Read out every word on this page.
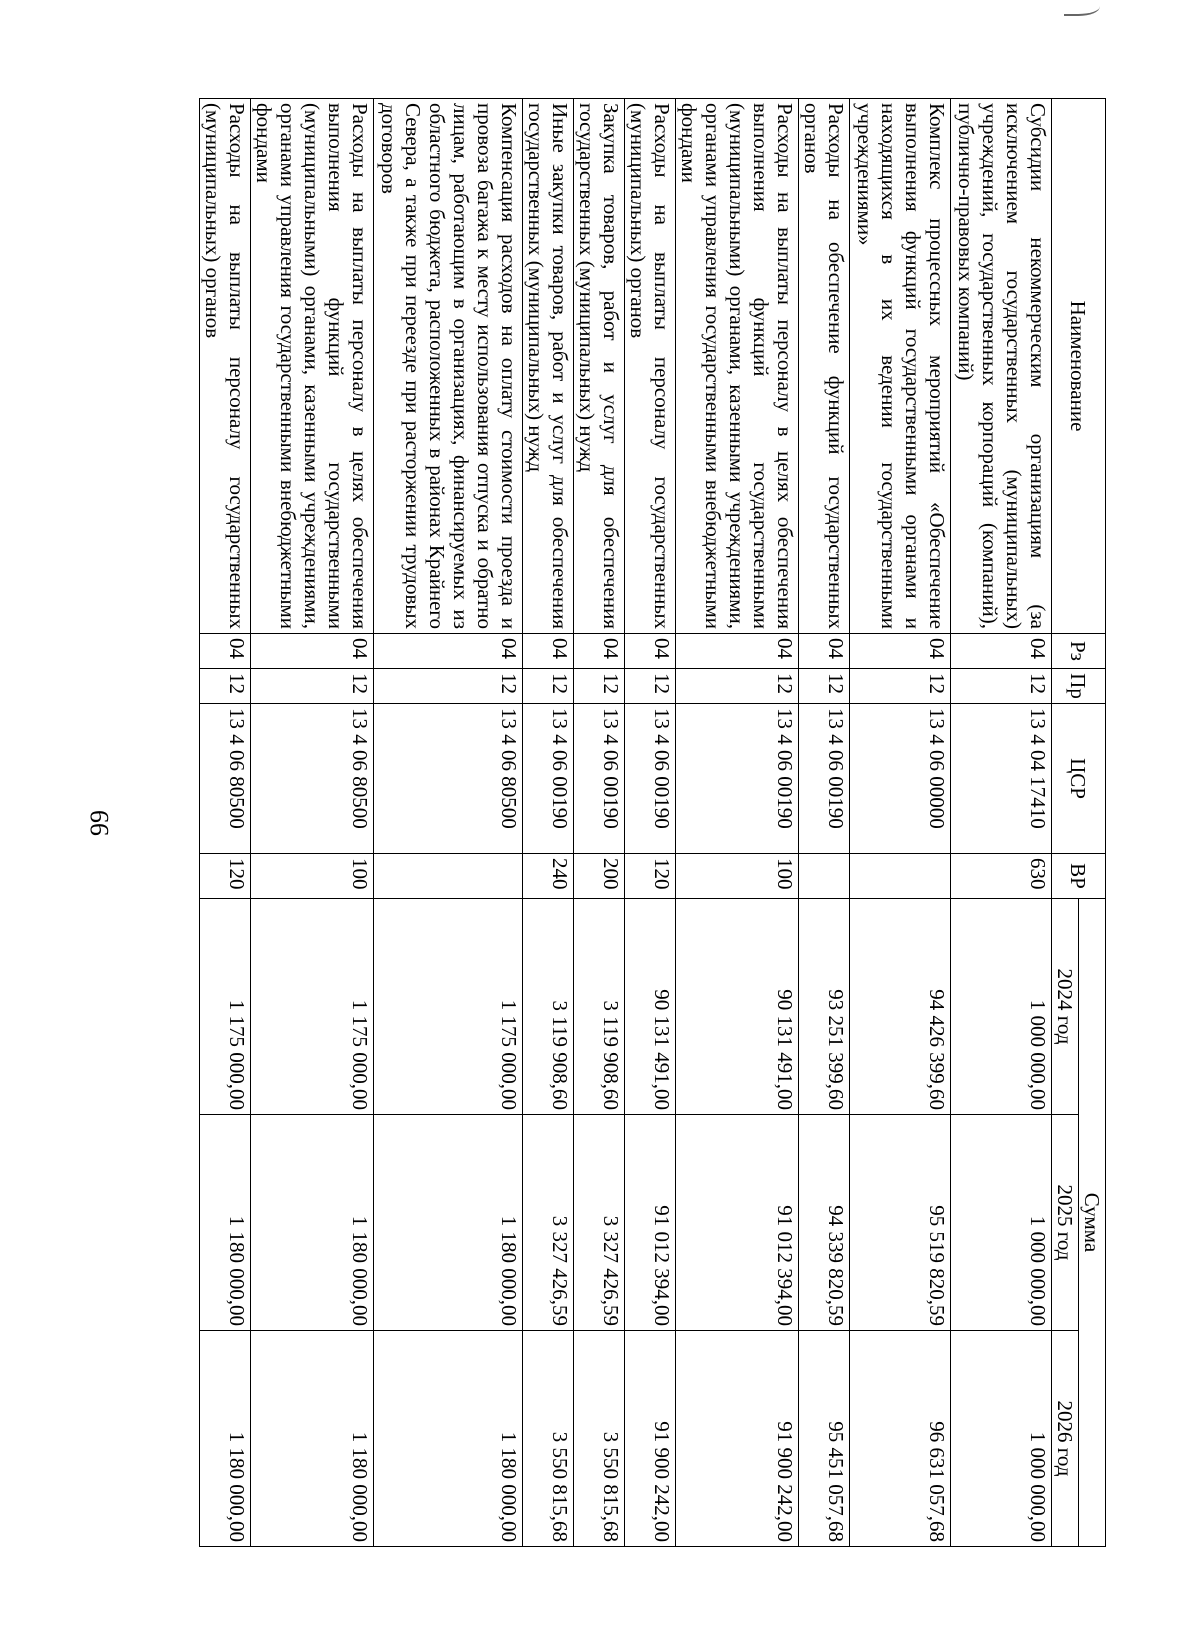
99
Наименование	Рз	Пр	ЦСР	ВР	Сумма		
					2024 год	2025 год	2026 год
Субсидии некоммерческим организациям (за исключением государственных (муниципальных) учреждений, государственных корпораций (компаний), публично-правовых компаний)	04	12	13 4 04 17410	630	1 000 000,00	1 000 000,00	1 000 000,00
Комплекс процессных мероприятий «Обеспечение выполнения функций государственными органами и находящихся в их ведении государственными учреждениями»	04	12	13 4 06 00000		94 426 399,60	95 519 820,59	96 631 057,68
Расходы на обеспечение функций государственных органов	04	12	13 4 06 00190		93 251 399,60	94 339 820,59	95 451 057,68
Расходы на выплаты персоналу в целях обеспечения выполнения функций государственными (муниципальными) органами, казенными учреждениями, органами управления государственными внебюджетными фондами	04	12	13 4 06 00190	100	90 131 491,00	91 012 394,00	91 900 242,00
Расходы на выплаты персоналу государственных (муниципальных) органов	04	12	13 4 06 00190	120	90 131 491,00	91 012 394,00	91 900 242,00
Закупка товаров, работ и услуг для обеспечения государственных (муниципальных) нужд	04	12	13 4 06 00190	200	3 119 908,60	3 327 426,59	3 550 815,68
Иные закупки товаров, работ и услуг для обеспечения государственных (муниципальных) нужд	04	12	13 4 06 00190	240	3 119 908,60	3 327 426,59	3 550 815,68
Компенсация расходов на оплату стоимости проезда и провоза багажа к месту использования отпуска и обратно лицам, работающим в организациях, финансируемых из областного бюджета, расположенных в районах Крайнего Севера, а также при переезде при расторжении трудовых договоров	04	12	13 4 06 80500		1 175 000,00	1 180 000,00	1 180 000,00
Расходы на выплаты персоналу в целях обеспечения выполнения функций государственными (муниципальными) органами, казенными учреждениями, органами управления государственными внебюджетными фондами	04	12	13 4 06 80500	100	1 175 000,00	1 180 000,00	1 180 000,00
Расходы на выплаты персоналу государственных (муниципальных) органов	04	12	13 4 06 80500	120	1 175 000,00	1 180 000,00	1 180 000,00
